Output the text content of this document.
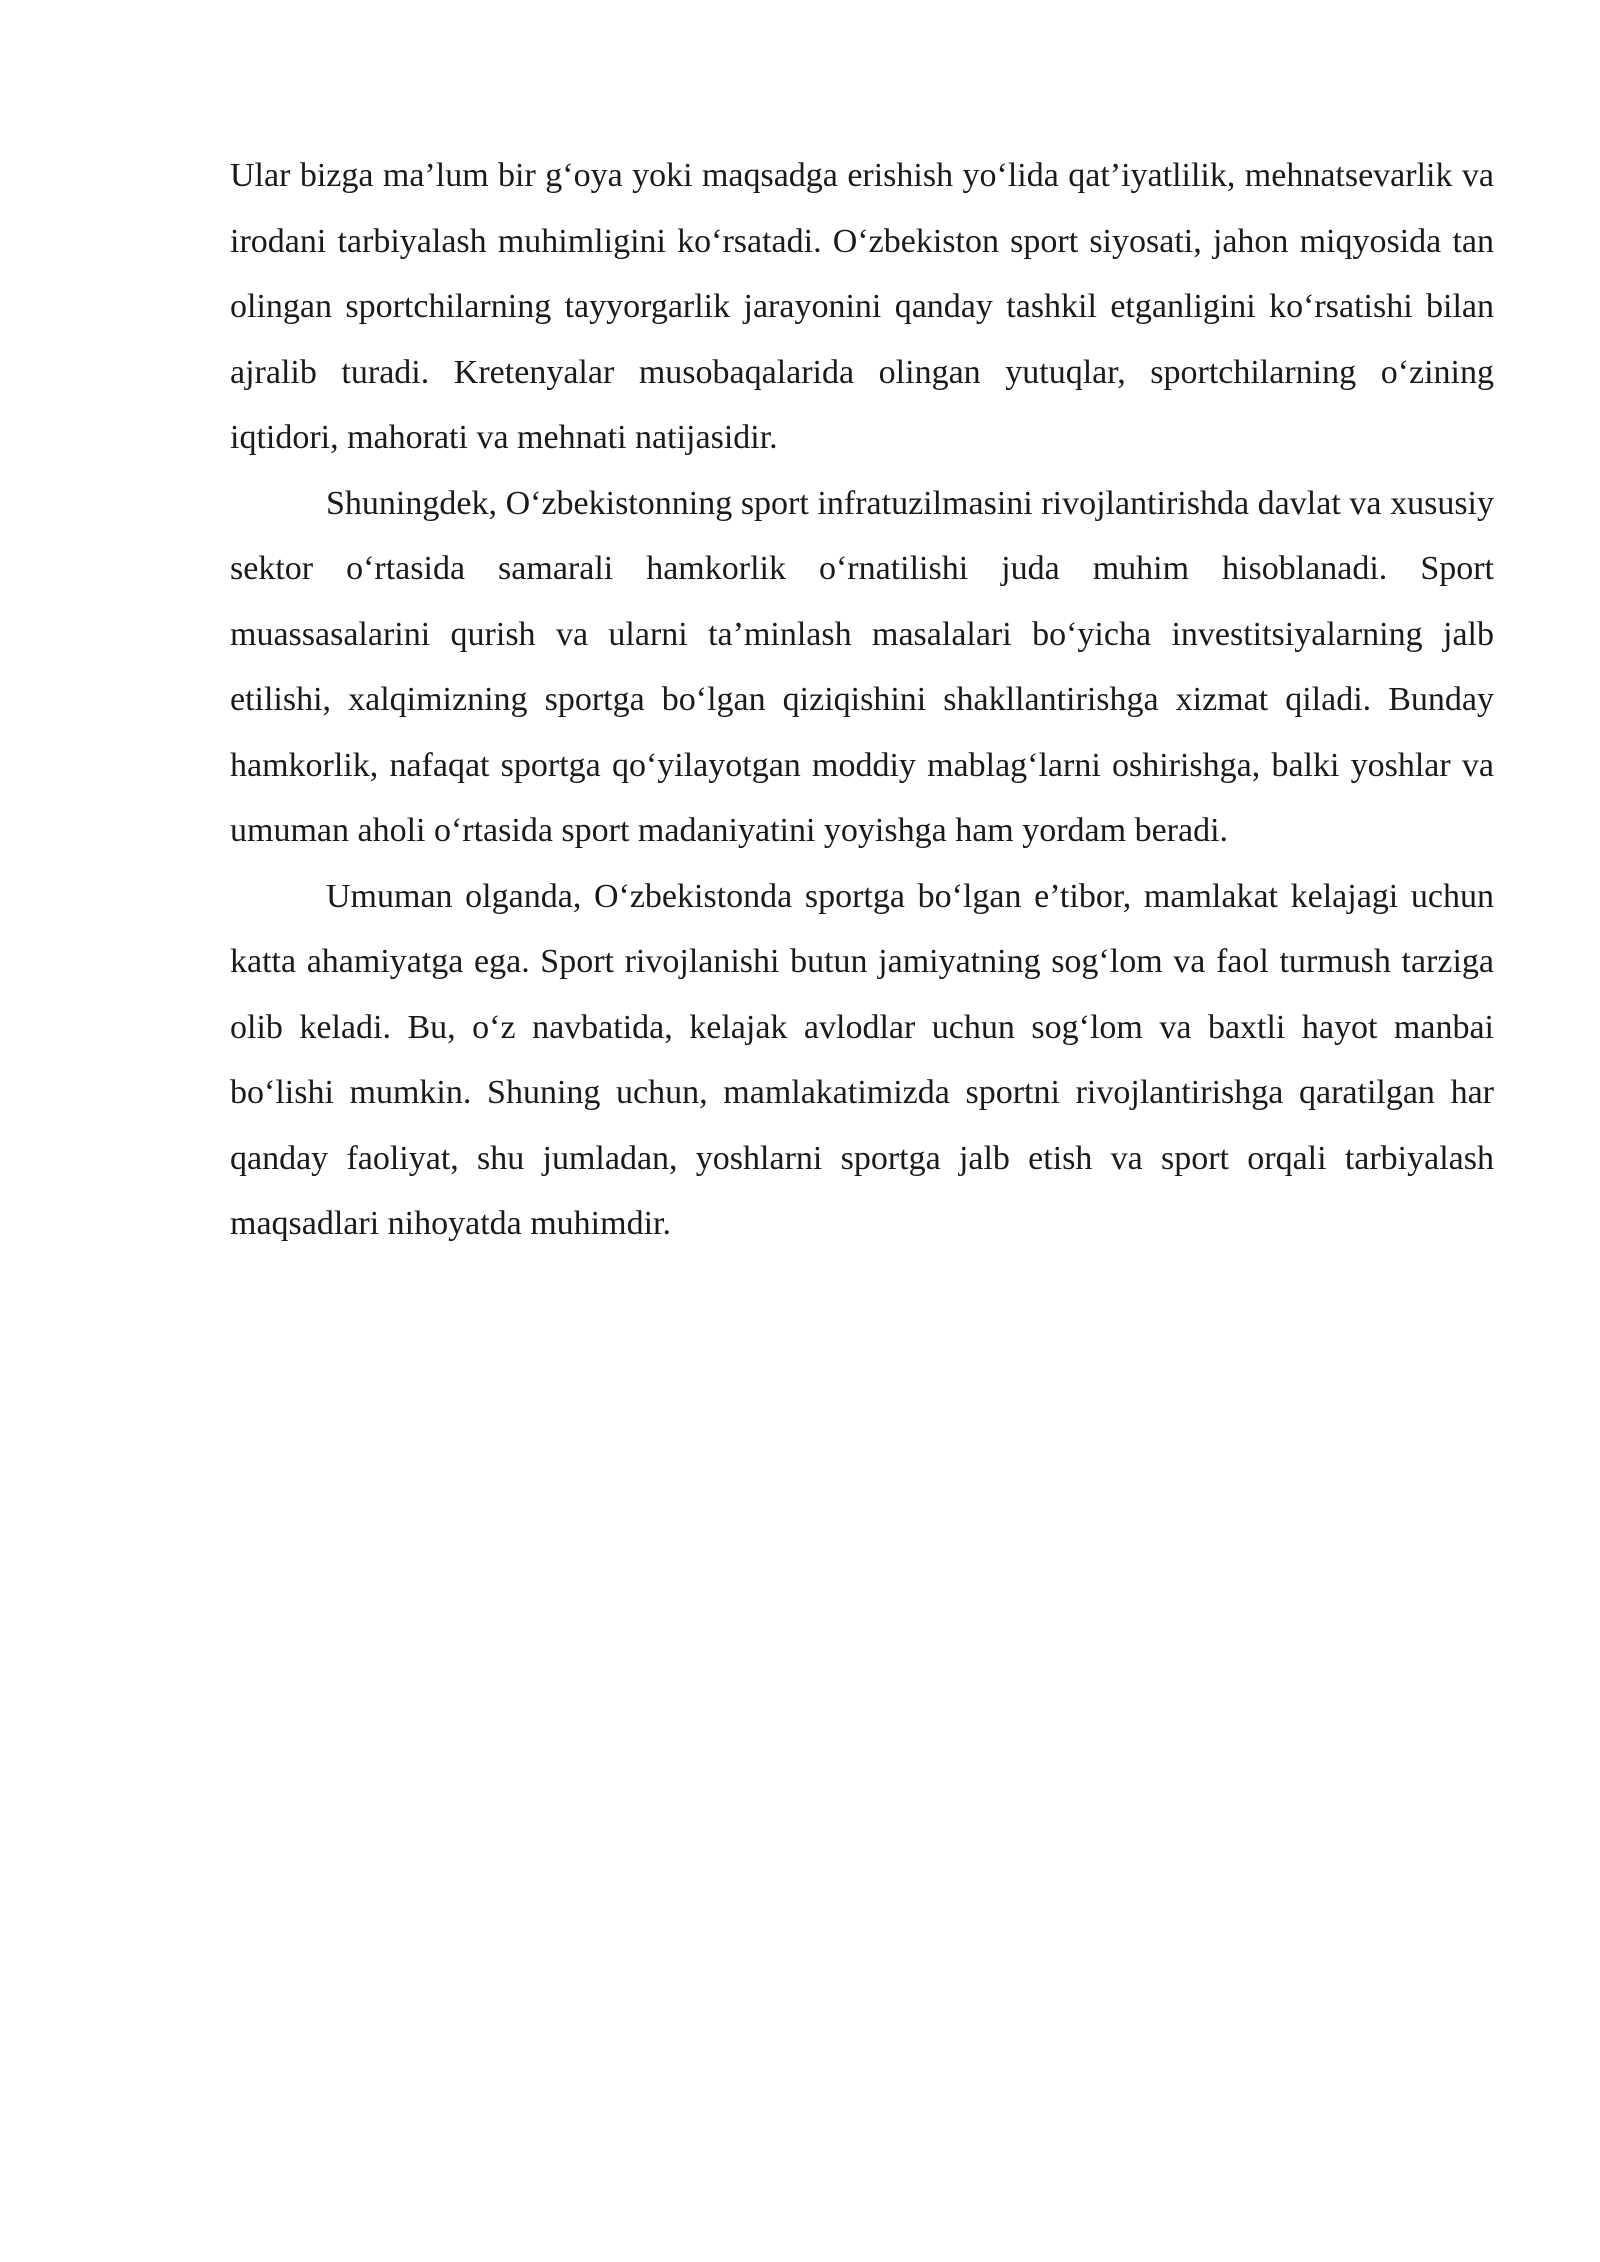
Ular bizga ma’lum bir g‘oya yoki maqsadga erishish yo‘lida qat’iyatlilik, mehnatsevarlik va irodani tarbiyalash muhimligini ko‘rsatadi. O‘zbekiston sport siyosati, jahon miqyosida tan olingan sportchilarning tayyorgarlik jarayonini qanday tashkil etganligini ko‘rsatishi bilan ajralib turadi. Kretenyalar musobaqalarida olingan yutuqlar, sportchilarning o‘zining iqtidori, mahorati va mehnati natijasidir.

Shuningdek, O‘zbekistonning sport infratuzilmasini rivojlantirishda davlat va xususiy sektor o‘rtasida samarali hamkorlik o‘rnatilishi juda muhim hisoblanadi. Sport muassasalarini qurish va ularni ta’minlash masalalari bo‘yicha investitsiyalarning jalb etilishi, xalqimizning sportga bo‘lgan qiziqishini shakllantirishga xizmat qiladi. Bunday hamkorlik, nafaqat sportga qo‘yilayotgan moddiy mablag‘larni oshirishga, balki yoshlar va umuman aholi o‘rtasida sport madaniyatini yoyishga ham yordam beradi.

Umuman olganda, O‘zbekistonda sportga bo‘lgan e’tibor, mamlakat kelajagi uchun katta ahamiyatga ega. Sport rivojlanishi butun jamiyatning sog‘lom va faol turmush tarziga olib keladi. Bu, o‘z navbatida, kelajak avlodlar uchun sog‘lom va baxtli hayot manbai bo‘lishi mumkin. Shuning uchun, mamlakatimizda sportni rivojlantirishga qaratilgan har qanday faoliyat, shu jumladan, yoshlarni sportga jalb etish va sport orqali tarbiyalash maqsadlari nihoyatda muhimdir.
